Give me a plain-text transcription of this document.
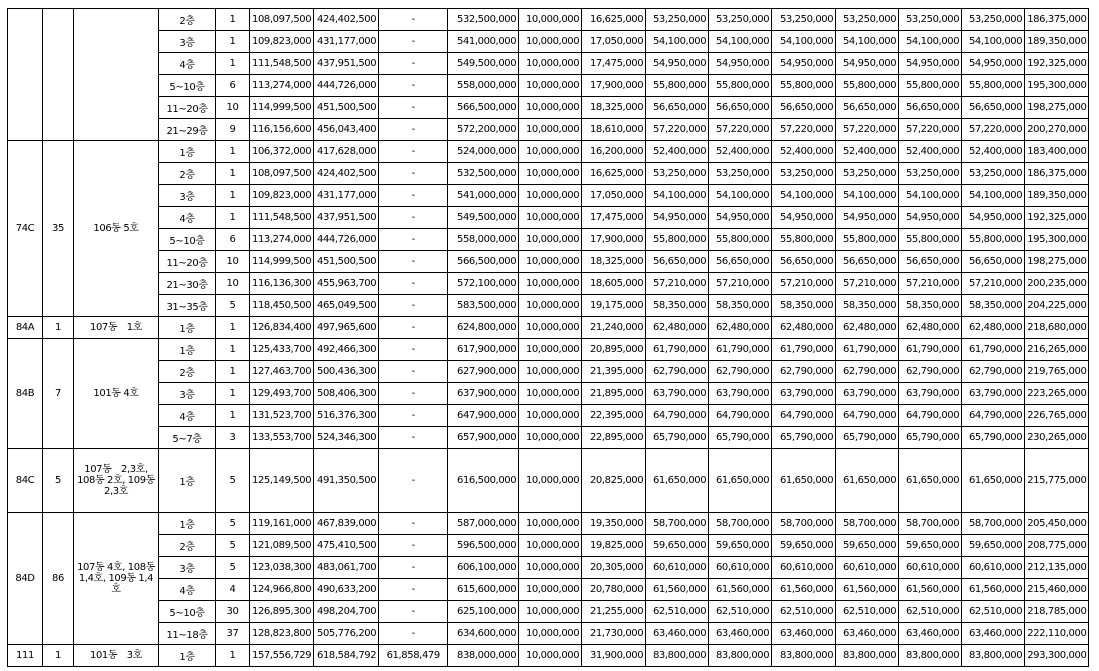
			2층	1	108,097,500	424,402,500	-	532,500,000	10,000,000	16,625,000	53,250,000	53,250,000	53,250,000	53,250,000	53,250,000	53,250,000	186,375,000
			3층	1	109,823,000	431,177,000	-	541,000,000	10,000,000	17,050,000	54,100,000	54,100,000	54,100,000	54,100,000	54,100,000	54,100,000	189,350,000
			4층	1	111,548,500	437,951,500	-	549,500,000	10,000,000	17,475,000	54,950,000	54,950,000	54,950,000	54,950,000	54,950,000	54,950,000	192,325,000
			5~10층	6	113,274,000	444,726,000	-	558,000,000	10,000,000	17,900,000	55,800,000	55,800,000	55,800,000	55,800,000	55,800,000	55,800,000	195,300,000
			11~20층	10	114,999,500	451,500,500	-	566,500,000	10,000,000	18,325,000	56,650,000	56,650,000	56,650,000	56,650,000	56,650,000	56,650,000	198,275,000
			21~29층	9	116,156,600	456,043,400	-	572,200,000	10,000,000	18,610,000	57,220,000	57,220,000	57,220,000	57,220,000	57,220,000	57,220,000	200,270,000
74C	35	106동 5호	1층	1	106,372,000	417,628,000	-	524,000,000	10,000,000	16,200,000	52,400,000	52,400,000	52,400,000	52,400,000	52,400,000	52,400,000	183,400,000
			2층	1	108,097,500	424,402,500	-	532,500,000	10,000,000	16,625,000	53,250,000	53,250,000	53,250,000	53,250,000	53,250,000	53,250,000	186,375,000
			3층	1	109,823,000	431,177,000	-	541,000,000	10,000,000	17,050,000	54,100,000	54,100,000	54,100,000	54,100,000	54,100,000	54,100,000	189,350,000
			4층	1	111,548,500	437,951,500	-	549,500,000	10,000,000	17,475,000	54,950,000	54,950,000	54,950,000	54,950,000	54,950,000	54,950,000	192,325,000
			5~10층	6	113,274,000	444,726,000	-	558,000,000	10,000,000	17,900,000	55,800,000	55,800,000	55,800,000	55,800,000	55,800,000	55,800,000	195,300,000
			11~20층	10	114,999,500	451,500,500	-	566,500,000	10,000,000	18,325,000	56,650,000	56,650,000	56,650,000	56,650,000	56,650,000	56,650,000	198,275,000
			21~30층	10	116,136,300	455,963,700	-	572,100,000	10,000,000	18,605,000	57,210,000	57,210,000	57,210,000	57,210,000	57,210,000	57,210,000	200,235,000
			31~35층	5	118,450,500	465,049,500	-	583,500,000	10,000,000	19,175,000	58,350,000	58,350,000	58,350,000	58,350,000	58,350,000	58,350,000	204,225,000
84A	1	107동　1호	1층	1	126,834,400	497,965,600	-	624,800,000	10,000,000	21,240,000	62,480,000	62,480,000	62,480,000	62,480,000	62,480,000	62,480,000	218,680,000
84B	7	101동 4호	1층	1	125,433,700	492,466,300	-	617,900,000	10,000,000	20,895,000	61,790,000	61,790,000	61,790,000	61,790,000	61,790,000	61,790,000	216,265,000
			2층	1	127,463,700	500,436,300	-	627,900,000	10,000,000	21,395,000	62,790,000	62,790,000	62,790,000	62,790,000	62,790,000	62,790,000	219,765,000
			3층	1	129,493,700	508,406,300	-	637,900,000	10,000,000	21,895,000	63,790,000	63,790,000	63,790,000	63,790,000	63,790,000	63,790,000	223,265,000
			4층	1	131,523,700	516,376,300	-	647,900,000	10,000,000	22,395,000	64,790,000	64,790,000	64,790,000	64,790,000	64,790,000	64,790,000	226,765,000
			5~7층	3	133,553,700	524,346,300	-	657,900,000	10,000,000	22,895,000	65,790,000	65,790,000	65,790,000	65,790,000	65,790,000	65,790,000	230,265,000
84C	5	107동　2,3호, 108동 2호, 109동 2,3호	1층	5	125,149,500	491,350,500	-	616,500,000	10,000,000	20,825,000	61,650,000	61,650,000	61,650,000	61,650,000	61,650,000	61,650,000	215,775,000
84D	86	107동 4호, 108동 1,4호, 109동 1,4호	1층	5	119,161,000	467,839,000	-	587,000,000	10,000,000	19,350,000	58,700,000	58,700,000	58,700,000	58,700,000	58,700,000	58,700,000	205,450,000
			2층	5	121,089,500	475,410,500	-	596,500,000	10,000,000	19,825,000	59,650,000	59,650,000	59,650,000	59,650,000	59,650,000	59,650,000	208,775,000
			3층	5	123,038,300	483,061,700	-	606,100,000	10,000,000	20,305,000	60,610,000	60,610,000	60,610,000	60,610,000	60,610,000	60,610,000	212,135,000
			4층	4	124,966,800	490,633,200	-	615,600,000	10,000,000	20,780,000	61,560,000	61,560,000	61,560,000	61,560,000	61,560,000	61,560,000	215,460,000
			5~10층	30	126,895,300	498,204,700	-	625,100,000	10,000,000	21,255,000	62,510,000	62,510,000	62,510,000	62,510,000	62,510,000	62,510,000	218,785,000
			11~18층	37	128,823,800	505,776,200	-	634,600,000	10,000,000	21,730,000	63,460,000	63,460,000	63,460,000	63,460,000	63,460,000	63,460,000	222,110,000
111	1	101동　3호	1층	1	157,556,729	618,584,792	61,858,479	838,000,000	10,000,000	31,900,000	83,800,000	83,800,000	83,800,000	83,800,000	83,800,000	83,800,000	293,300,000
